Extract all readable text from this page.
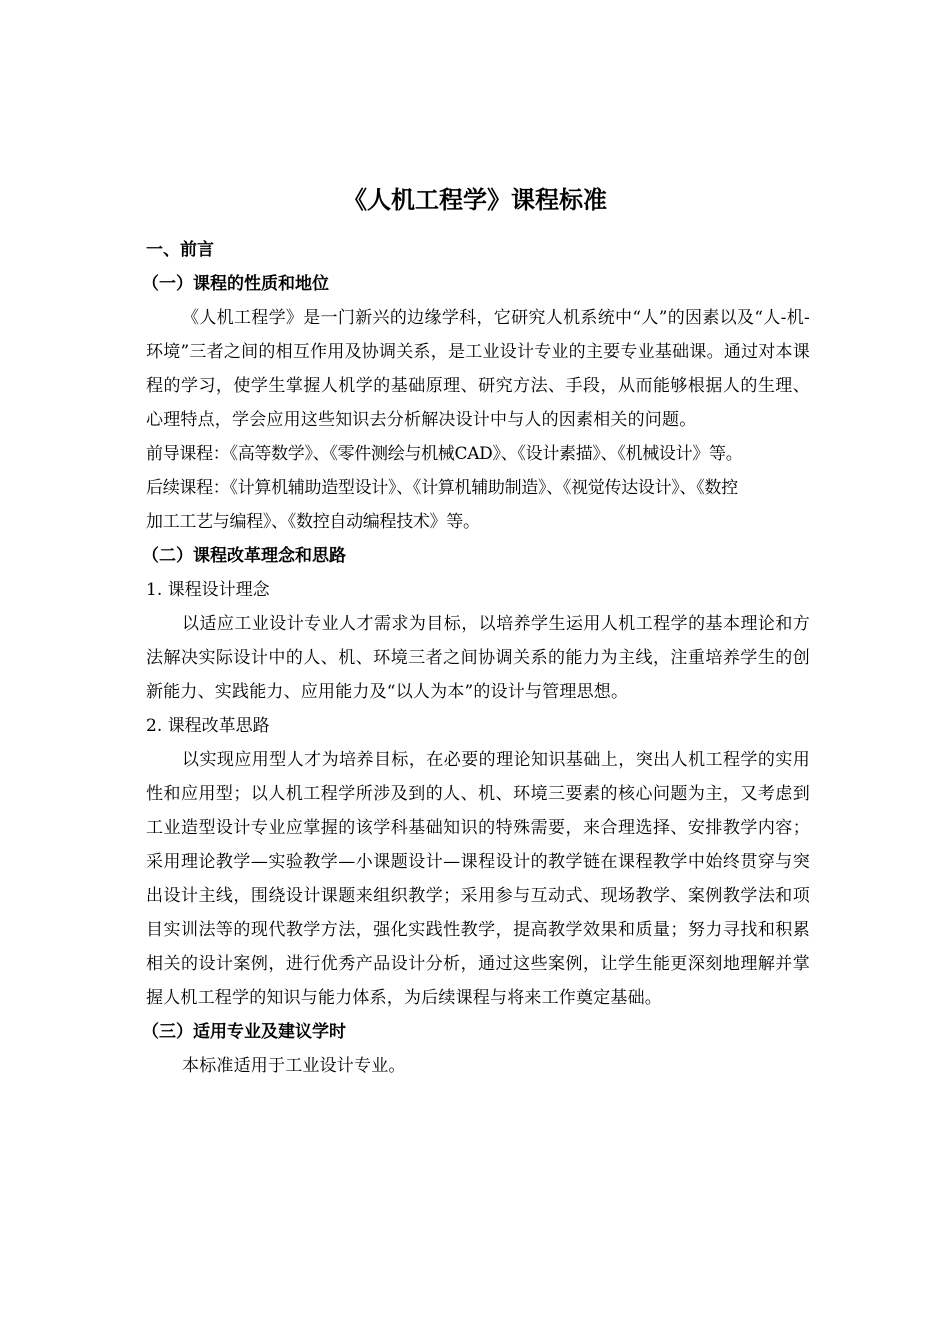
《人机工程学》课程标准
一、前言
（一）课程的性质和地位

《人机工程学》是一门新兴的边缘学科，它研究人机系统中“人”的因素以及“人-机-环境”三者之间的相互作用及协调关系，是工业设计专业的主要专业基础课。通过对本课程的学习，使学生掌握人机学的基础原理、研究方法、手段，从而能够根据人的生理、心理特点，学会应用这些知识去分析解决设计中与人的因素相关的问题。

前导课程：《高等数学》、《零件测绘与机械CAD》、《设计素描》、《机械设计》等。
后续课程：《计算机辅助造型设计》、《计算机辅助制造》、《视觉传达设计》、《数控
加工工艺与编程》、《数控自动编程技术》等。
（二）课程改革理念和思路
1. 课程设计理念

以适应工业设计专业人才需求为目标，以培养学生运用人机工程学的基本理论和方法解决实际设计中的人、机、环境三者之间协调关系的能力为主线，注重培养学生的创新能力、实践能力、应用能力及“以人为本”的设计与管理思想。

2. 课程改革思路

以实现应用型人才为培养目标，在必要的理论知识基础上，突出人机工程学的实用性和应用型；以人机工程学所涉及到的人、机、环境三要素的核心问题为主，又考虑到工业造型设计专业应掌握的该学科基础知识的特殊需要，来合理选择、安排教学内容；采用理论教学—实验教学—小课题设计—课程设计的教学链在课程教学中始终贯穿与突出设计主线，围绕设计课题来组织教学；采用参与互动式、现场教学、案例教学法和项目实训法等的现代教学方法，强化实践性教学，提高教学效果和质量；努力寻找和积累相关的设计案例，进行优秀产品设计分析，通过这些案例，让学生能更深刻地理解并掌握人机工程学的知识与能力体系，为后续课程与将来工作奠定基础。

（三）适用专业及建议学时

本标准适用于工业设计专业。
